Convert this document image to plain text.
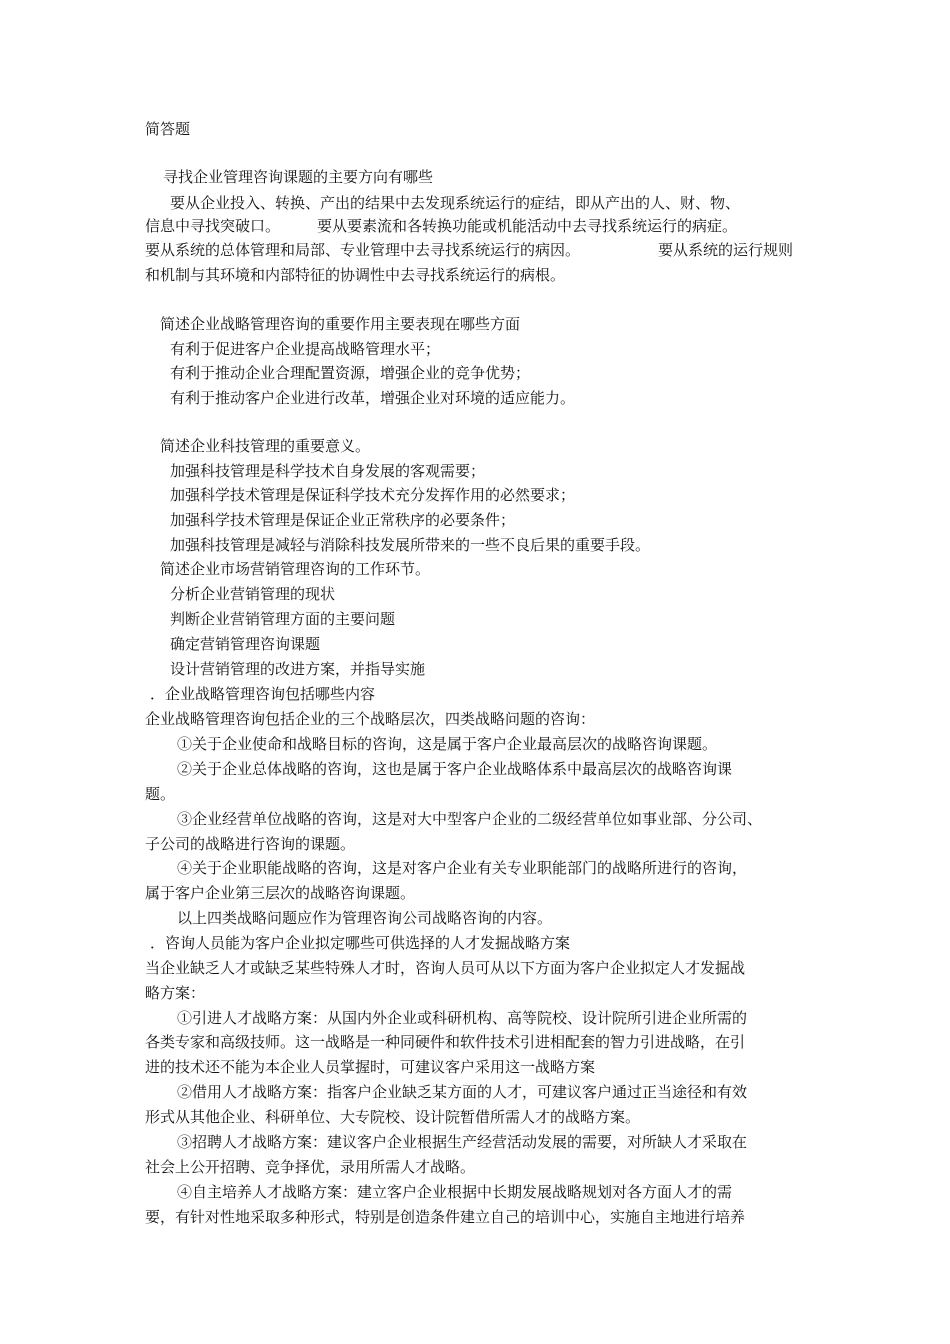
简答题
寻找企业管理咨询课题的主要方向有哪些
要从企业投入、转换、产出的结果中去发现系统运行的症结，即从产出的人、财、物、
信息中寻找突破口。 要从要素流和各转换功能或机能活动中去寻找系统运行的病症。
要从系统的总体管理和局部、专业管理中去寻找系统运行的病因。	要从系统的运行规则
和机制与其环境和内部特征的协调性中去寻找系统运行的病根。
简述企业战略管理咨询的重要作用主要表现在哪些方面
有利于促进客户企业提高战略管理水平；
有利于推动企业合理配置资源，增强企业的竞争优势；
有利于推动客户企业进行改革，增强企业对环境的适应能力。
简述企业科技管理的重要意义。
加强科技管理是科学技术自身发展的客观需要；
加强科学技术管理是保证科学技术充分发挥作用的必然要求；
加强科学技术管理是保证企业正常秩序的必要条件；
加强科技管理是减轻与消除科技发展所带来的一些不良后果的重要手段。
简述企业市场营销管理咨询的工作环节。
分析企业营销管理的现状
判断企业营销管理方面的主要问题
确定营销管理咨询课题
设计营销管理的改进方案，并指导实施
．企业战略管理咨询包括哪些内容
企业战略管理咨询包括企业的三个战略层次，四类战略问题的咨询：
①关于企业使命和战略目标的咨询，这是属于客户企业最高层次的战略咨询课题。
②关于企业总体战略的咨询，这也是属于客户企业战略体系中最高层次的战略咨询课
题。
③企业经营单位战略的咨询，这是对大中型客户企业的二级经营单位如事业部、分公司、
子公司的战略进行咨询的课题。
④关于企业职能战略的咨询，这是对客户企业有关专业职能部门的战略所进行的咨询，
属于客户企业第三层次的战略咨询课题。
以上四类战略问题应作为管理咨询公司战略咨询的内容。
．咨询人员能为客户企业拟定哪些可供选择的人才发掘战略方案
当企业缺乏人才或缺乏某些特殊人才时，咨询人员可从以下方面为客户企业拟定人才发掘战
略方案：
①引进人才战略方案：从国内外企业或科研机构、高等院校、设计院所引进企业所需的
各类专家和高级技师。这一战略是一种同硬件和软件技术引进相配套的智力引进战略，在引
进的技术还不能为本企业人员掌握时，可建议客户采用这一战略方案
②借用人才战略方案：指客户企业缺乏某方面的人才，可建议客户通过正当途径和有效
形式从其他企业、科研单位、大专院校、设计院暂借所需人才的战略方案。
③招聘人才战略方案：建议客户企业根据生产经营活动发展的需要，对所缺人才采取在
社会上公开招聘、竞争择优，录用所需人才战略。
④自主培养人才战略方案：建立客户企业根据中长期发展战略规划对各方面人才的需
要，有针对性地采取多种形式，特别是创造条件建立自己的培训中心，实施自主地进行培养
